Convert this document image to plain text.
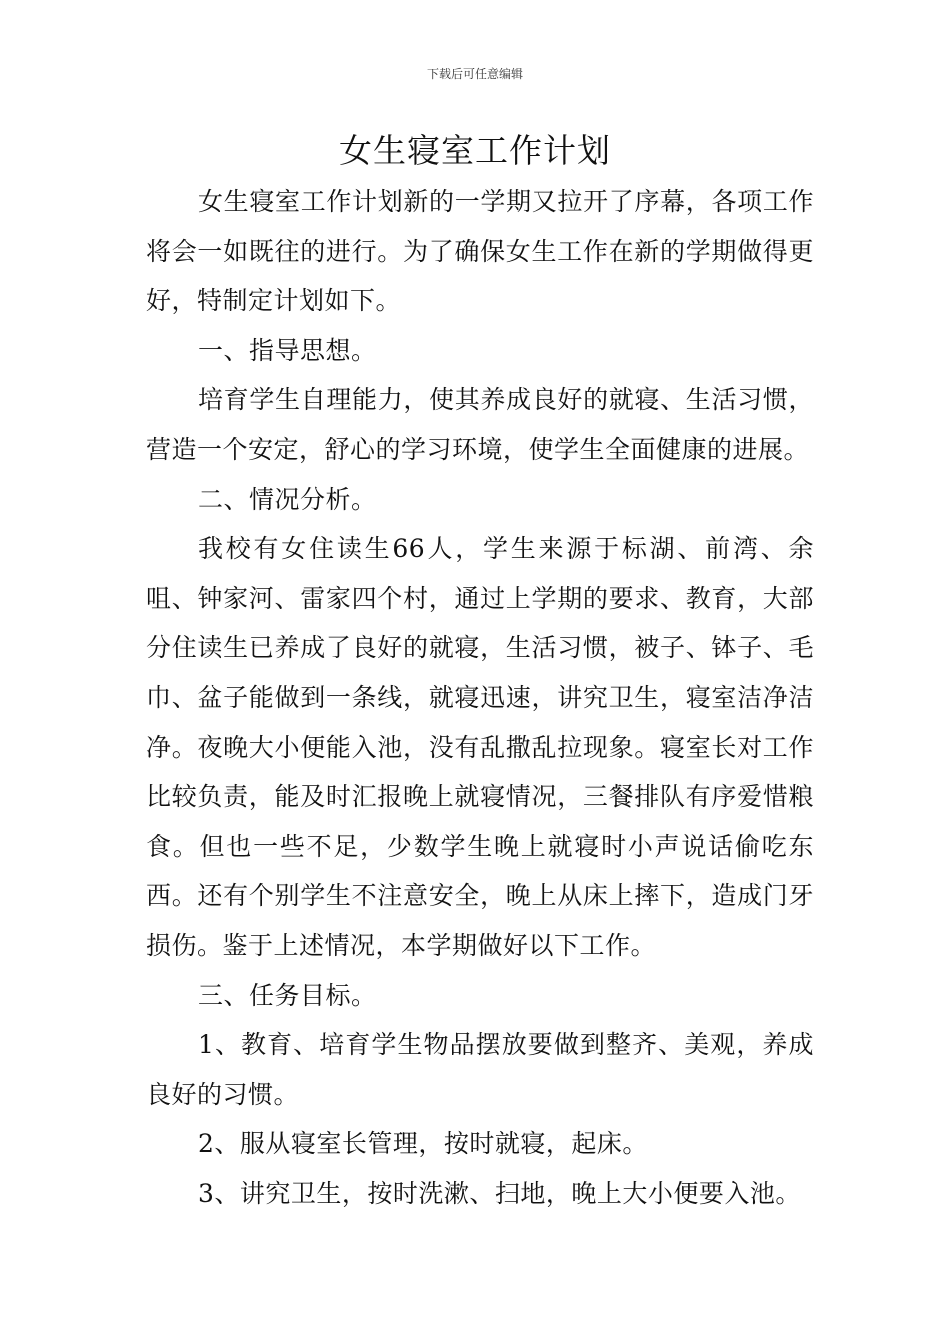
下载后可任意编辑
女生寝室工作计划

女生寝室工作计划新的一学期又拉开了序幕，各项工作将会一如既往的进行。为了确保女生工作在新的学期做得更好，特制定计划如下。

一、指导思想。

培育学生自理能力，使其养成良好的就寝、生活习惯，营造一个安定，舒心的学习环境，使学生全面健康的进展。

二、情况分析。

我校有女住读生66人，学生来源于标湖、前湾、余咀、钟家河、雷家四个村，通过上学期的要求、教育，大部分住读生已养成了良好的就寝，生活习惯，被子、钵子、毛巾、盆子能做到一条线，就寝迅速，讲究卫生，寝室洁净洁净。夜晚大小便能入池，没有乱撒乱拉现象。寝室长对工作比较负责，能及时汇报晚上就寝情况，三餐排队有序爱惜粮食。但也一些不足，少数学生晚上就寝时小声说话偷吃东西。还有个别学生不注意安全，晚上从床上摔下，造成门牙损伤。鉴于上述情况，本学期做好以下工作。

三、任务目标。

1、教育、培育学生物品摆放要做到整齐、美观，养成良好的习惯。

2、服从寝室长管理，按时就寝，起床。

3、讲究卫生，按时洗漱、扫地，晚上大小便要入池。
